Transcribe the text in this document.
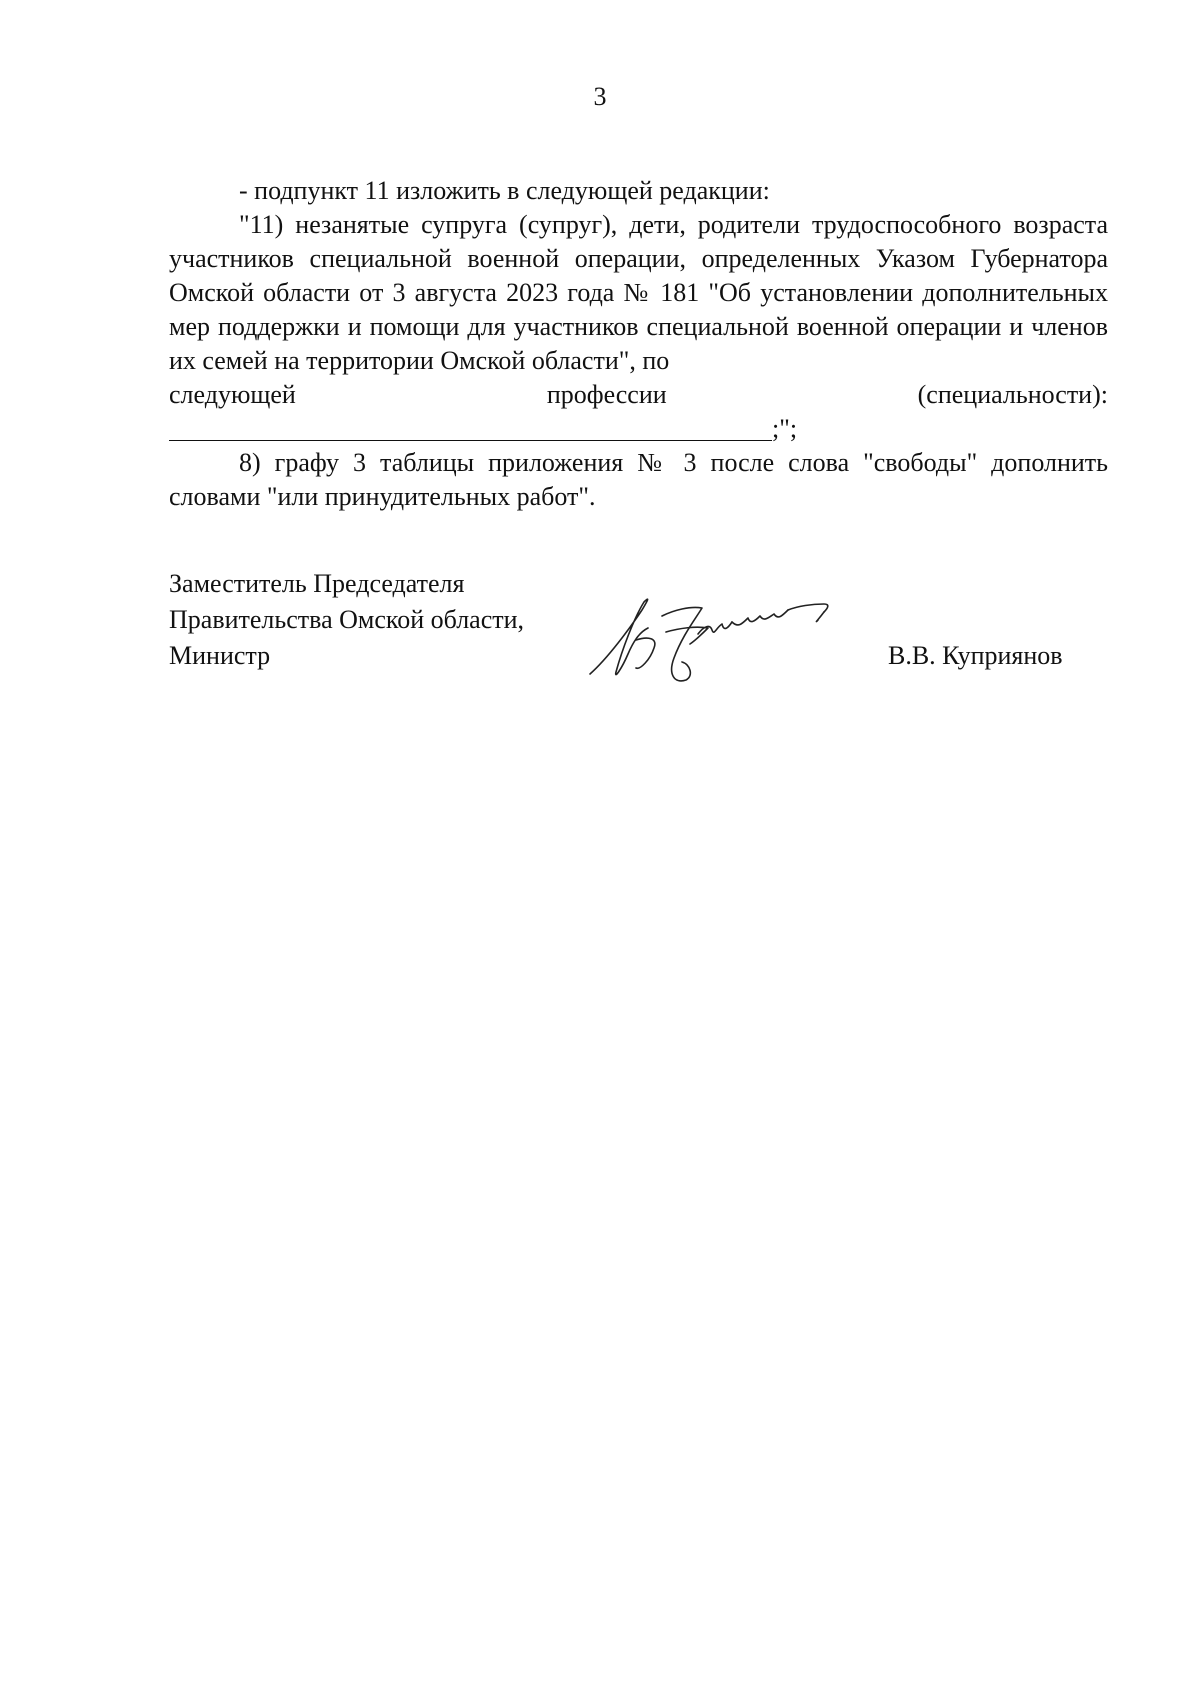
3

- подпункт 11 изложить в следующей редакции:

"11) незанятые супруга (супруг), дети, родители трудоспособного возраста участников специальной военной операции, определенных Указом Губернатора Омской области от 3 августа 2023 года № 181 "Об установлении дополнительных мер поддержки и помощи для участников специальной военной операции и членов их семей на территории Омской области", по

следующей	профессии	(специальности):
;";

8) графу 3 таблицы приложения № 3 после слова "свободы" дополнить словами "или принудительных работ".

Заместитель Председателя
Правительства Омской области,
Министр	В.В. Куприянов
